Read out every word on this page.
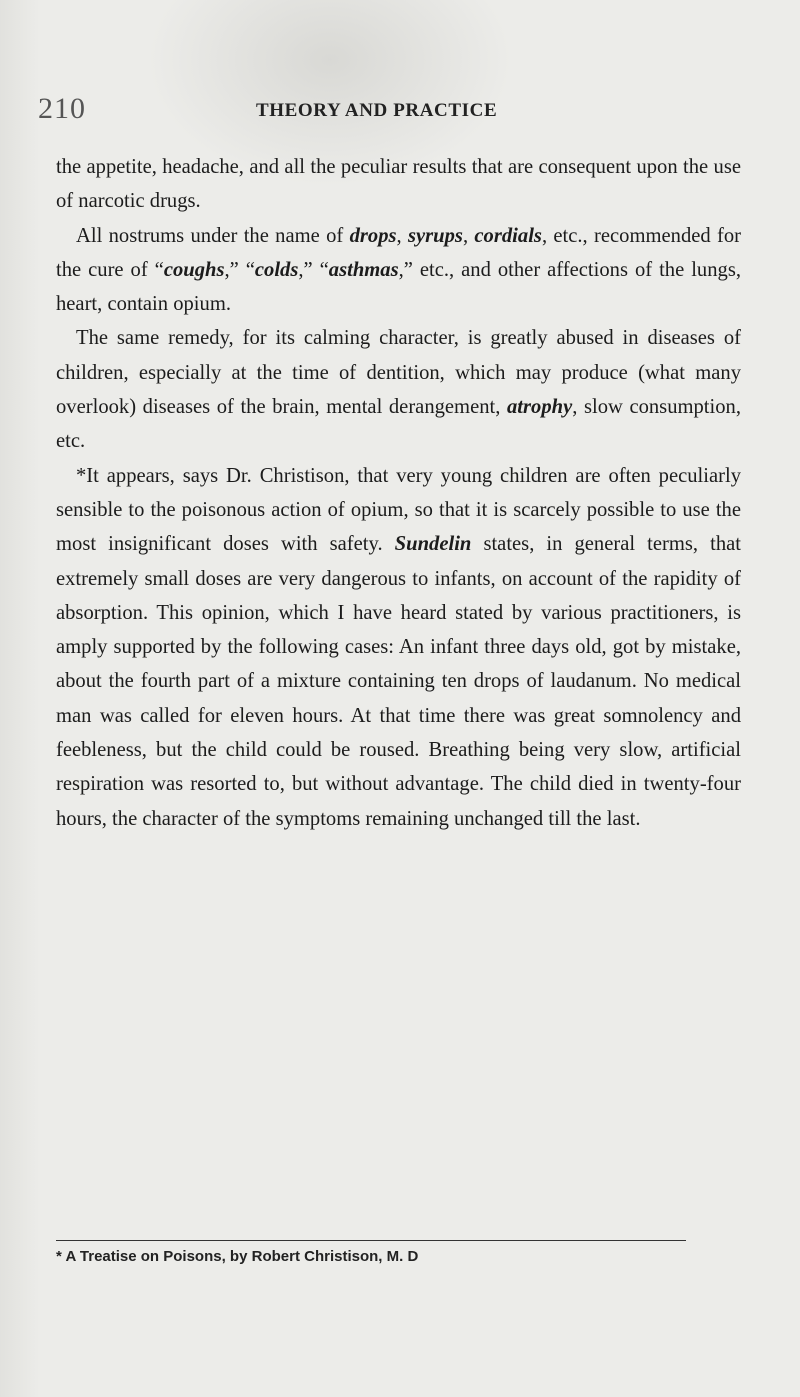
210	THEORY AND PRACTICE

the appetite, headache, and all the peculiar results that are consequent upon the use of narcotic drugs.

All nostrums under the name of drops, syrups, cordials, etc., recommended for the cure of “coughs,” “colds,” “asthmas,” etc., and other affections of the lungs, heart, contain opium.

The same remedy, for its calming character, is greatly abused in diseases of children, especially at the time of dentition, which may produce (what many overlook) diseases of the brain, mental derangement, atrophy, slow consumption, etc.

*It appears, says Dr. Christison, that very young children are often peculiarly sensible to the poisonous action of opium, so that it is scarcely possible to use the most insignificant doses with safety. Sundelin states, in general terms, that extremely small doses are very dangerous to infants, on account of the rapidity of absorption. This opinion, which I have heard stated by various practitioners, is amply supported by the following cases: An infant three days old, got by mistake, about the fourth part of a mixture containing ten drops of laudanum. No medical man was called for eleven hours. At that time there was great somnolency and feebleness, but the child could be roused. Breathing being very slow, artificial respiration was resorted to, but without advantage. The child died in twenty-four hours, the character of the symptoms remaining unchanged till the last.

* A Treatise on Poisons, by Robert Christison, M. D
